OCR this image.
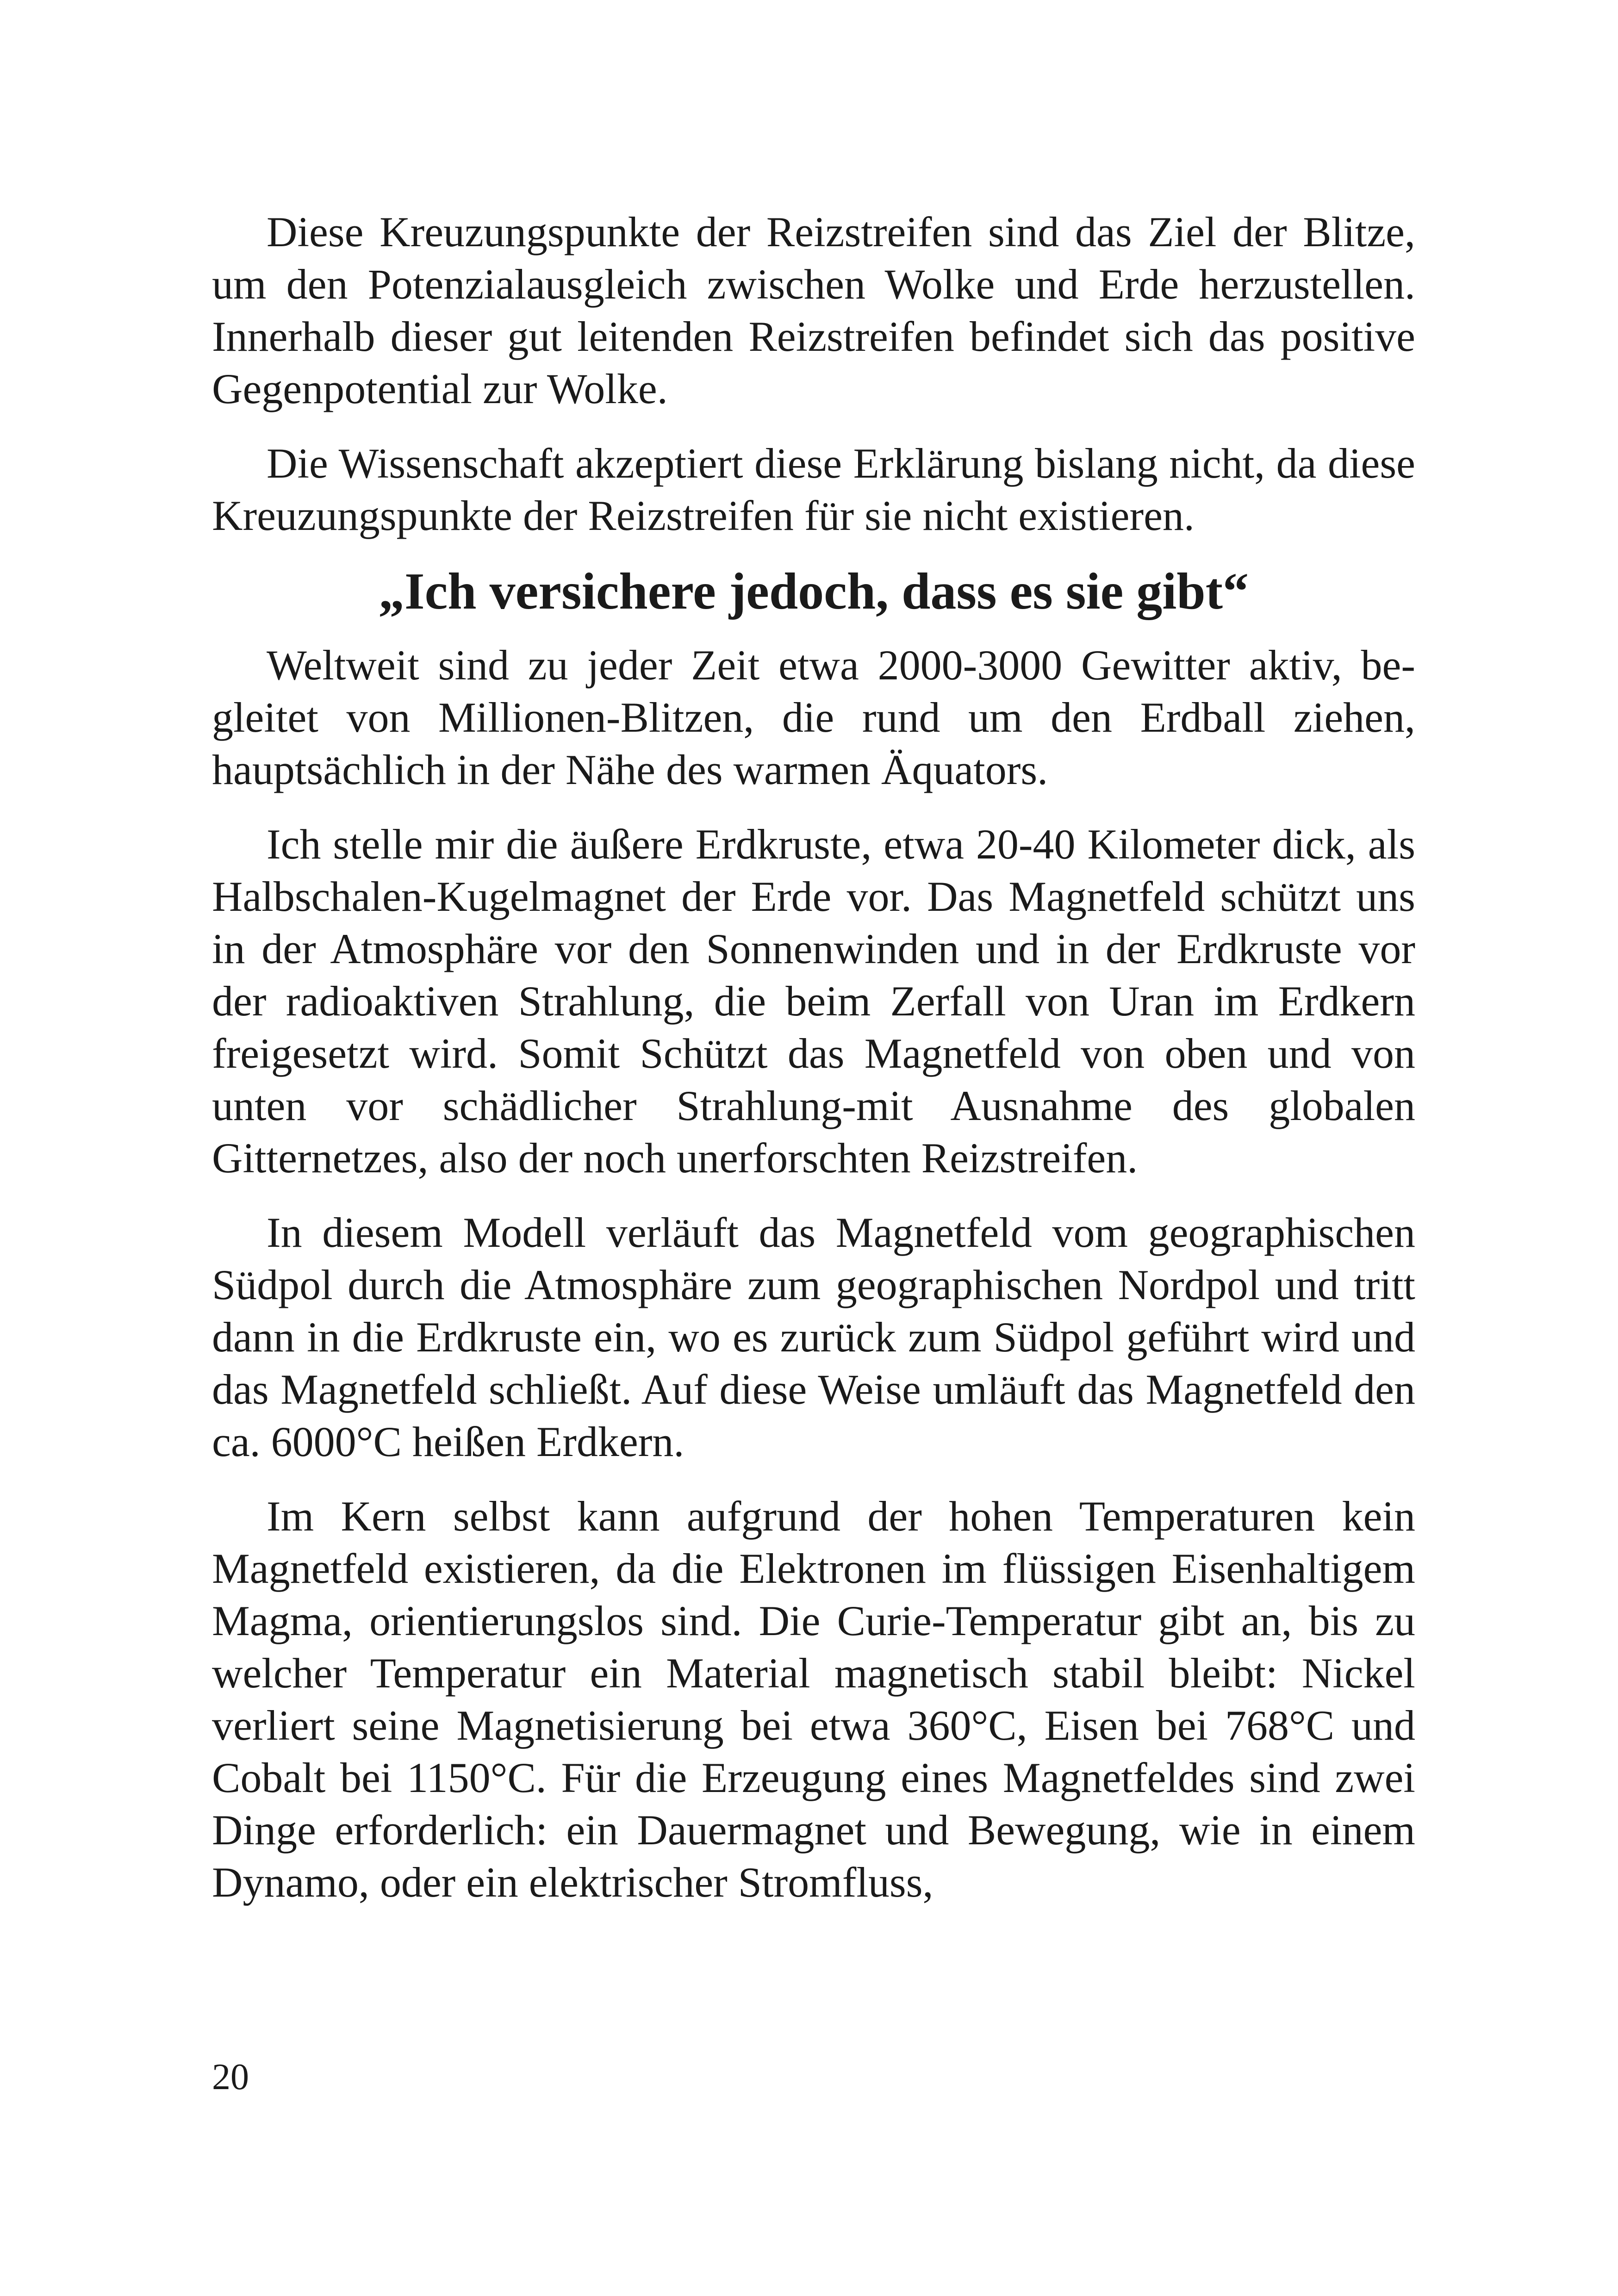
Diese Kreuzungspunkte der Reizstreifen sind das Ziel der Blitze, um den Potenzialausgleich zwischen Wolke und Erde herzustellen. Innerhalb dieser gut leitenden Reizstreifen befindet sich das positive Gegenpotential zur Wolke.

Die Wissenschaft akzeptiert diese Erklärung bislang nicht, da diese Kreuzungspunkte der Reizstreifen für sie nicht existieren.

„Ich versichere jedoch, dass es sie gibt“

Weltweit sind zu jeder Zeit etwa 2000-3000 Gewitter aktiv, begleitet von Millionen-Blitzen, die rund um den Erdball ziehen, hauptsächlich in der Nähe des warmen Äquators.

Ich stelle mir die äußere Erdkruste, etwa 20-40 Kilometer dick, als Halbschalen-Kugelmagnet der Erde vor. Das Magnetfeld schützt uns in der Atmosphäre vor den Sonnenwinden und in der Erdkruste vor der radioaktiven Strahlung, die beim Zerfall von Uran im Erdkern freigesetzt wird. Somit Schützt das Magnetfeld von oben und von unten vor schädlicher Strahlung-mit Ausnahme des globalen Gitternetzes, also der noch unerforschten Reizstreifen.

In diesem Modell verläuft das Magnetfeld vom geographischen Südpol durch die Atmosphäre zum geographischen Nordpol und tritt dann in die Erdkruste ein, wo es zurück zum Südpol geführt wird und das Magnetfeld schließt. Auf diese Weise umläuft das Magnetfeld den ca. 6000°C heißen Erdkern.

Im Kern selbst kann aufgrund der hohen Temperaturen kein Magnetfeld existieren, da die Elektronen im flüssigen Eisenhaltigem Magma, orientierungslos sind. Die Curie-Temperatur gibt an, bis zu welcher Temperatur ein Material magnetisch stabil bleibt: Nickel verliert seine Magnetisierung bei etwa 360°C, Eisen bei 768°C und Cobalt bei 1150°C. Für die Erzeugung eines Magnetfeldes sind zwei Dinge erforderlich: ein Dauermagnet und Bewegung, wie in einem Dynamo, oder ein elektrischer Stromfluss,

20
